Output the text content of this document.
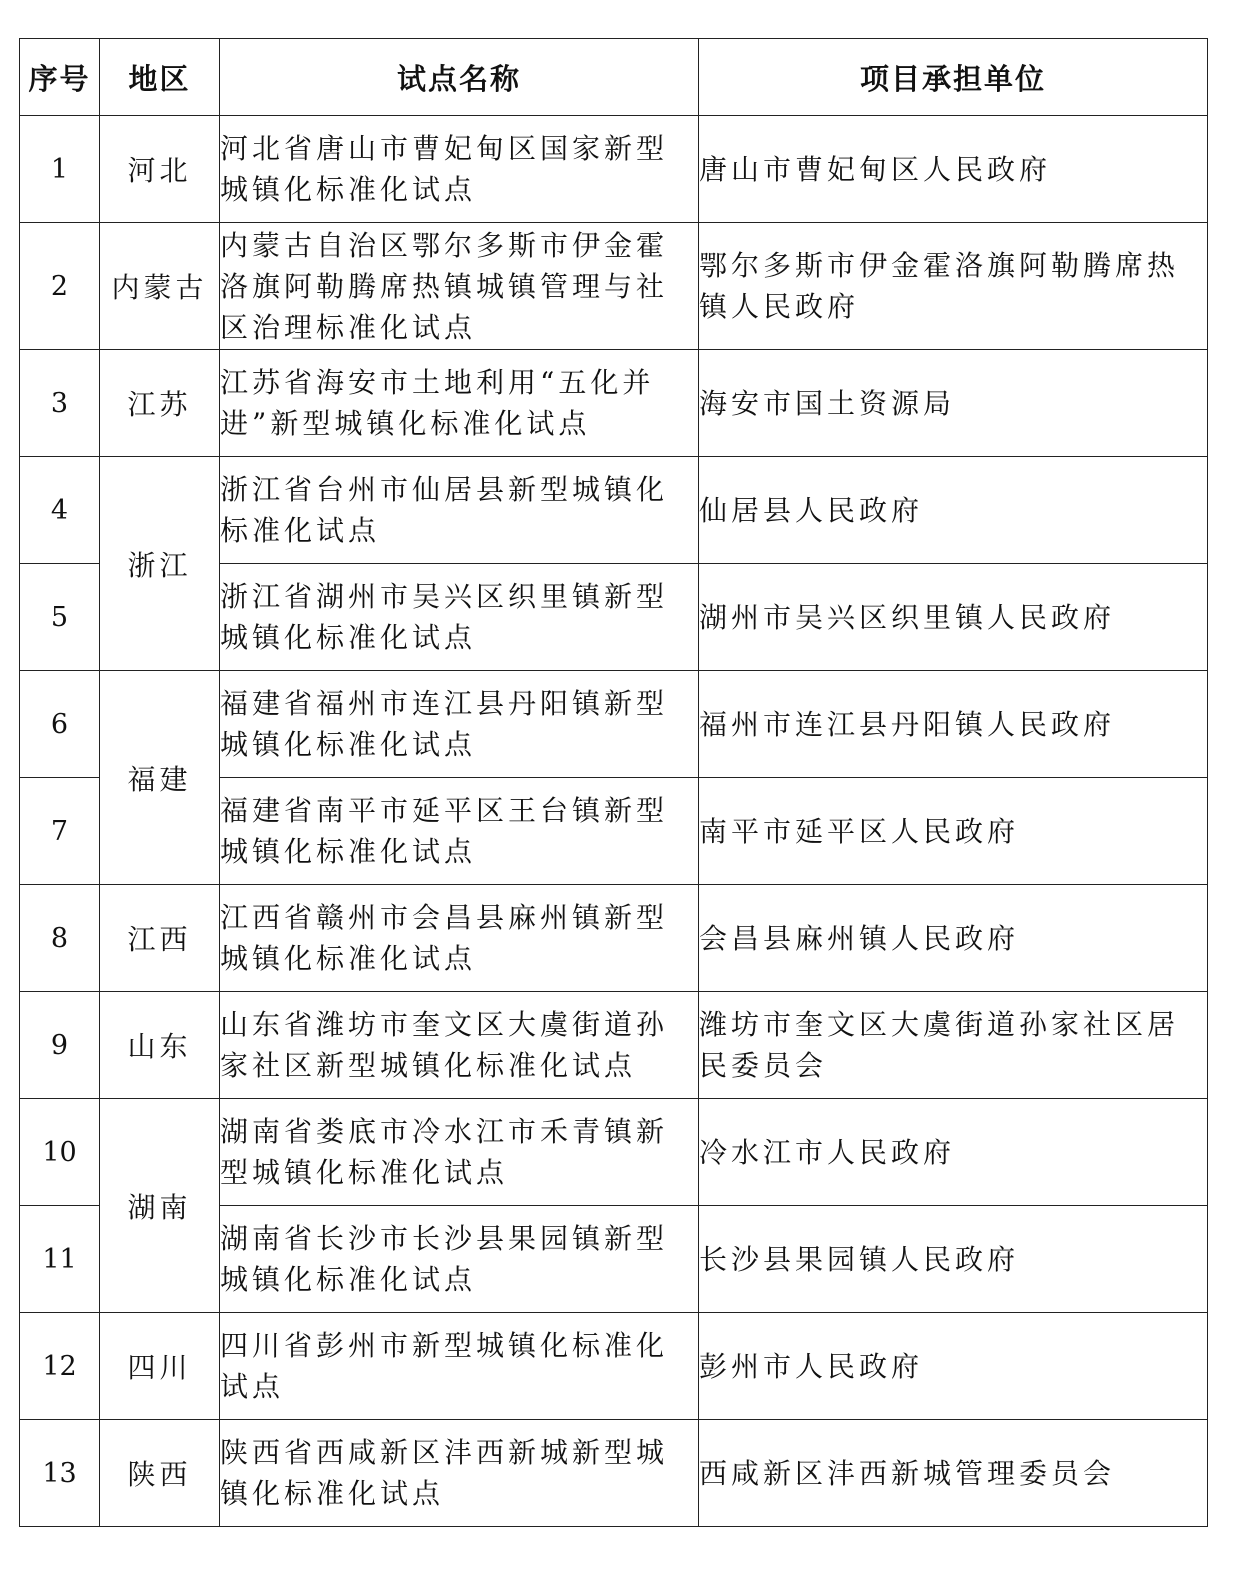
序号	地区	试点名称	项目承担单位
1	河北	河北省唐山市曹妃甸区国家新型城镇化标准化试点	唐山市曹妃甸区人民政府
2	内蒙古	内蒙古自治区鄂尔多斯市伊金霍洛旗阿勒腾席热镇城镇管理与社区治理标准化试点	鄂尔多斯市伊金霍洛旗阿勒腾席热镇人民政府
3	江苏	江苏省海安市土地利用“五化并进”新型城镇化标准化试点	海安市国土资源局
4	浙江	浙江省台州市仙居县新型城镇化标准化试点	仙居县人民政府
5		浙江省湖州市吴兴区织里镇新型城镇化标准化试点	湖州市吴兴区织里镇人民政府
6	福建	福建省福州市连江县丹阳镇新型城镇化标准化试点	福州市连江县丹阳镇人民政府
7		福建省南平市延平区王台镇新型城镇化标准化试点	南平市延平区人民政府
8	江西	江西省赣州市会昌县麻州镇新型城镇化标准化试点	会昌县麻州镇人民政府
9	山东	山东省潍坊市奎文区大虞街道孙家社区新型城镇化标准化试点	潍坊市奎文区大虞街道孙家社区居民委员会
10	湖南	湖南省娄底市冷水江市禾青镇新型城镇化标准化试点	冷水江市人民政府
11		湖南省长沙市长沙县果园镇新型城镇化标准化试点	长沙县果园镇人民政府
12	四川	四川省彭州市新型城镇化标准化试点	彭州市人民政府
13	陕西	陕西省西咸新区沣西新城新型城镇化标准化试点	西咸新区沣西新城管理委员会
